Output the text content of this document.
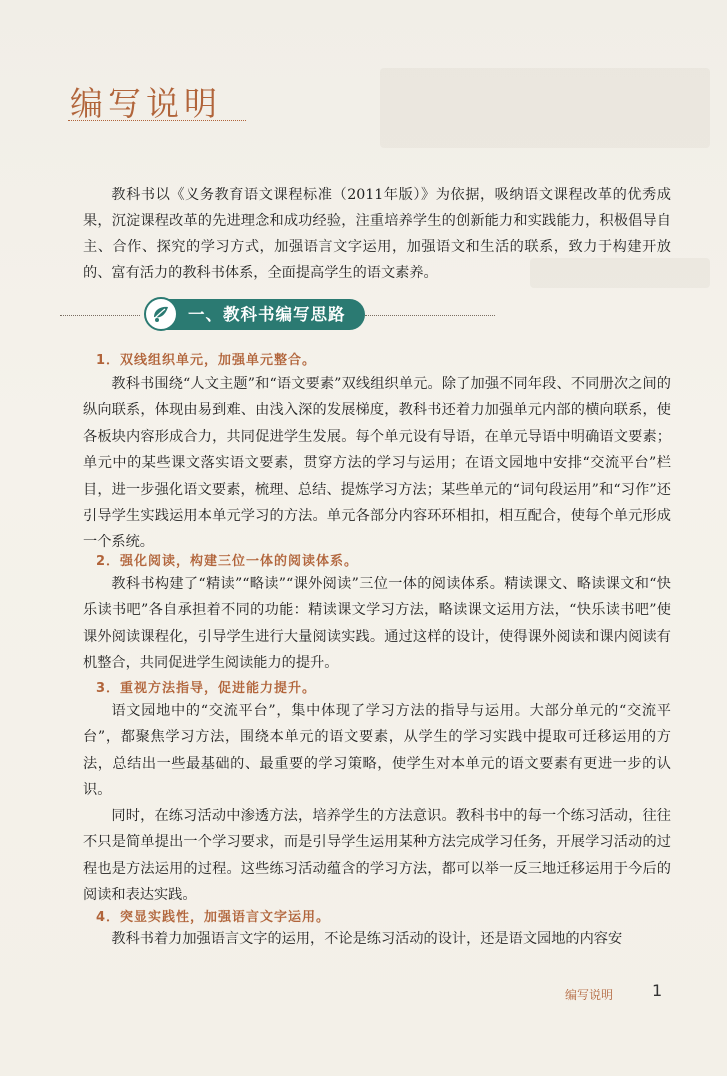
编写说明

教科书以《义务教育语文课程标准（2011年版）》为依据，吸纳语文课程改革的优秀成果，沉淀课程改革的先进理念和成功经验，注重培养学生的创新能力和实践能力，积极倡导自主、合作、探究的学习方式，加强语言文字运用，加强语文和生活的联系，致力于构建开放的、富有活力的教科书体系，全面提高学生的语文素养。

一、教科书编写思路

1．双线组织单元，加强单元整合。

教科书围绕“人文主题”和“语文要素”双线组织单元。除了加强不同年段、不同册次之间的纵向联系，体现由易到难、由浅入深的发展梯度，教科书还着力加强单元内部的横向联系，使各板块内容形成合力，共同促进学生发展。每个单元设有导语，在单元导语中明确语文要素；单元中的某些课文落实语文要素，贯穿方法的学习与运用；在语文园地中安排“交流平台”栏目，进一步强化语文要素，梳理、总结、提炼学习方法；某些单元的“词句段运用”和“习作”还引导学生实践运用本单元学习的方法。单元各部分内容环环相扣，相互配合，使每个单元形成一个系统。

2．强化阅读，构建三位一体的阅读体系。

教科书构建了“精读”“略读”“课外阅读”三位一体的阅读体系。精读课文、略读课文和“快乐读书吧”各自承担着不同的功能：精读课文学习方法，略读课文运用方法，“快乐读书吧”使课外阅读课程化，引导学生进行大量阅读实践。通过这样的设计，使得课外阅读和课内阅读有机整合，共同促进学生阅读能力的提升。

3．重视方法指导，促进能力提升。

语文园地中的“交流平台”，集中体现了学习方法的指导与运用。大部分单元的“交流平台”，都聚焦学习方法，围绕本单元的语文要素，从学生的学习实践中提取可迁移运用的方法，总结出一些最基础的、最重要的学习策略，使学生对本单元的语文要素有更进一步的认识。

同时，在练习活动中渗透方法，培养学生的方法意识。教科书中的每一个练习活动，往往不只是简单提出一个学习要求，而是引导学生运用某种方法完成学习任务，开展学习活动的过程也是方法运用的过程。这些练习活动蕴含的学习方法，都可以举一反三地迁移运用于今后的阅读和表达实践。

4．突显实践性，加强语言文字运用。

教科书着力加强语言文字的运用，不论是练习活动的设计，还是语文园地的内容安

编写说明 1
